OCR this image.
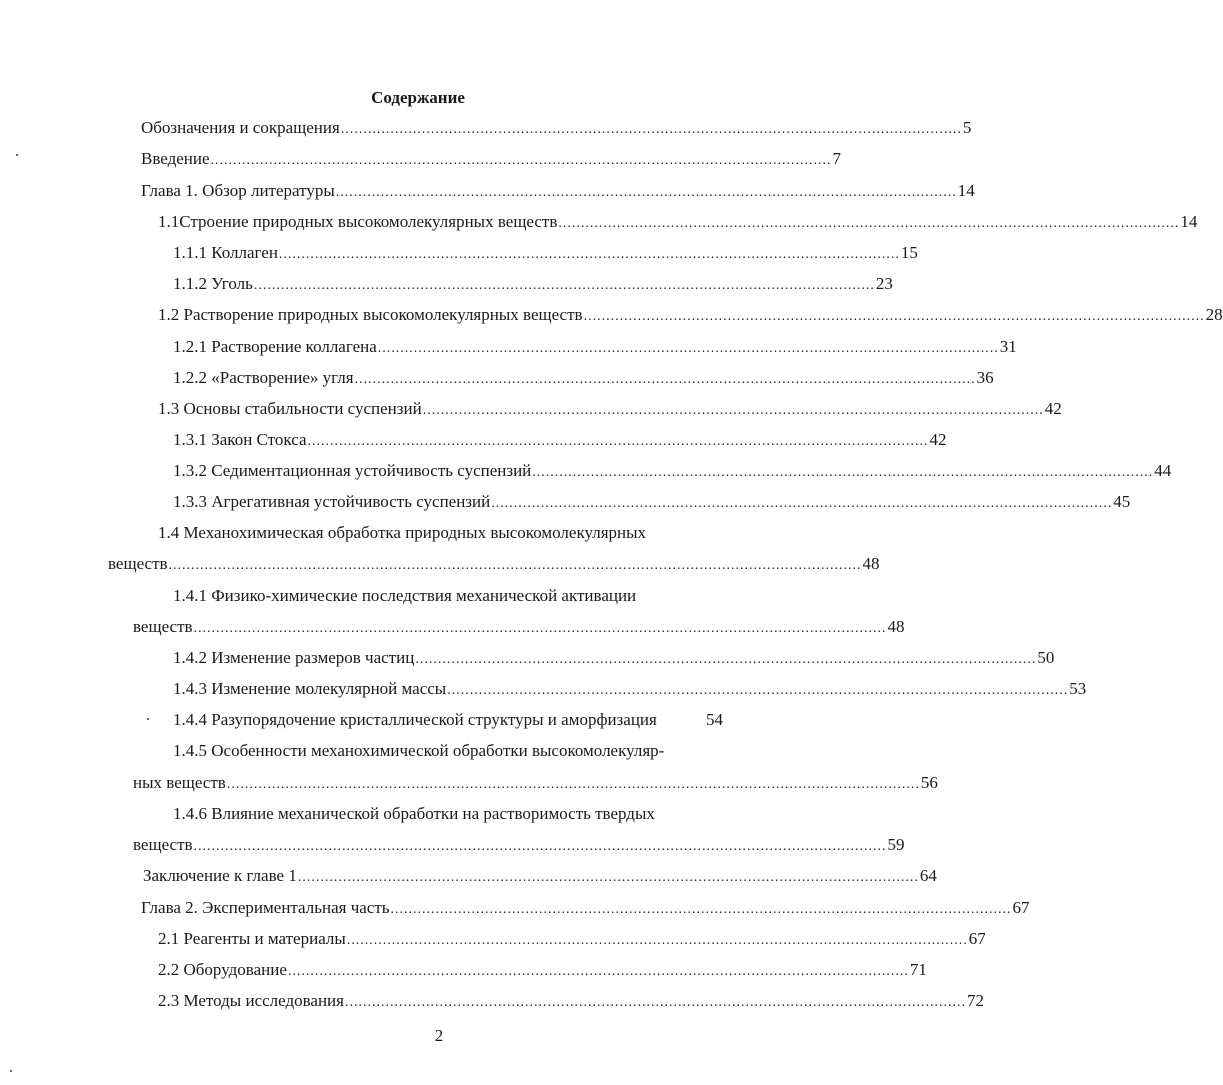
Содержание
Обозначения и сокращения .......................................................................................................................................... 5
Введение .......................................................................................................................................... 7
Глава 1. Обзор литературы .......................................................................................................................................... 14
1.1Строение природных высокомолекулярных веществ .......................................................................................................................................... 14
1.1.1 Коллаген .......................................................................................................................................... 15
1.1.2 Уголь .......................................................................................................................................... 23
1.2 Растворение природных высокомолекулярных веществ .......................................................................................................................................... 28
1.2.1 Растворение коллагена .......................................................................................................................................... 31
1.2.2 «Растворение» угля .......................................................................................................................................... 36
1.3 Основы стабильности суспензий .......................................................................................................................................... 42
1.3.1 Закон Стокса .......................................................................................................................................... 42
1.3.2 Седиментационная устойчивость суспензий .......................................................................................................................................... 44
1.3.3 Агрегативная устойчивость суспензий .......................................................................................................................................... 45
1.4 Механохимическая обработка природных высокомолекулярных
веществ .......................................................................................................................................................... 48
1.4.1 Физико-химические последствия механической активации
веществ .......................................................................................................................................................... 48
1.4.2 Изменение размеров частиц .......................................................................................................................................... 50
1.4.3 Изменение молекулярной массы .......................................................................................................................................... 53
1.4.4 Разупорядочение кристаллической структуры и аморфизация	54
1.4.5 Особенности механохимической обработки высокомолекуляр-
ных веществ .......................................................................................................................................................... 56
1.4.6 Влияние механической обработки на растворимость твердых
веществ .......................................................................................................................................................... 59
Заключение к главе 1 .......................................................................................................................................... 64
Глава 2. Экспериментальная часть .......................................................................................................................................... 67
2.1 Реагенты и материалы .......................................................................................................................................... 67
2.2 Оборудование .......................................................................................................................................... 71
2.3 Методы исследования .......................................................................................................................................... 72
2
